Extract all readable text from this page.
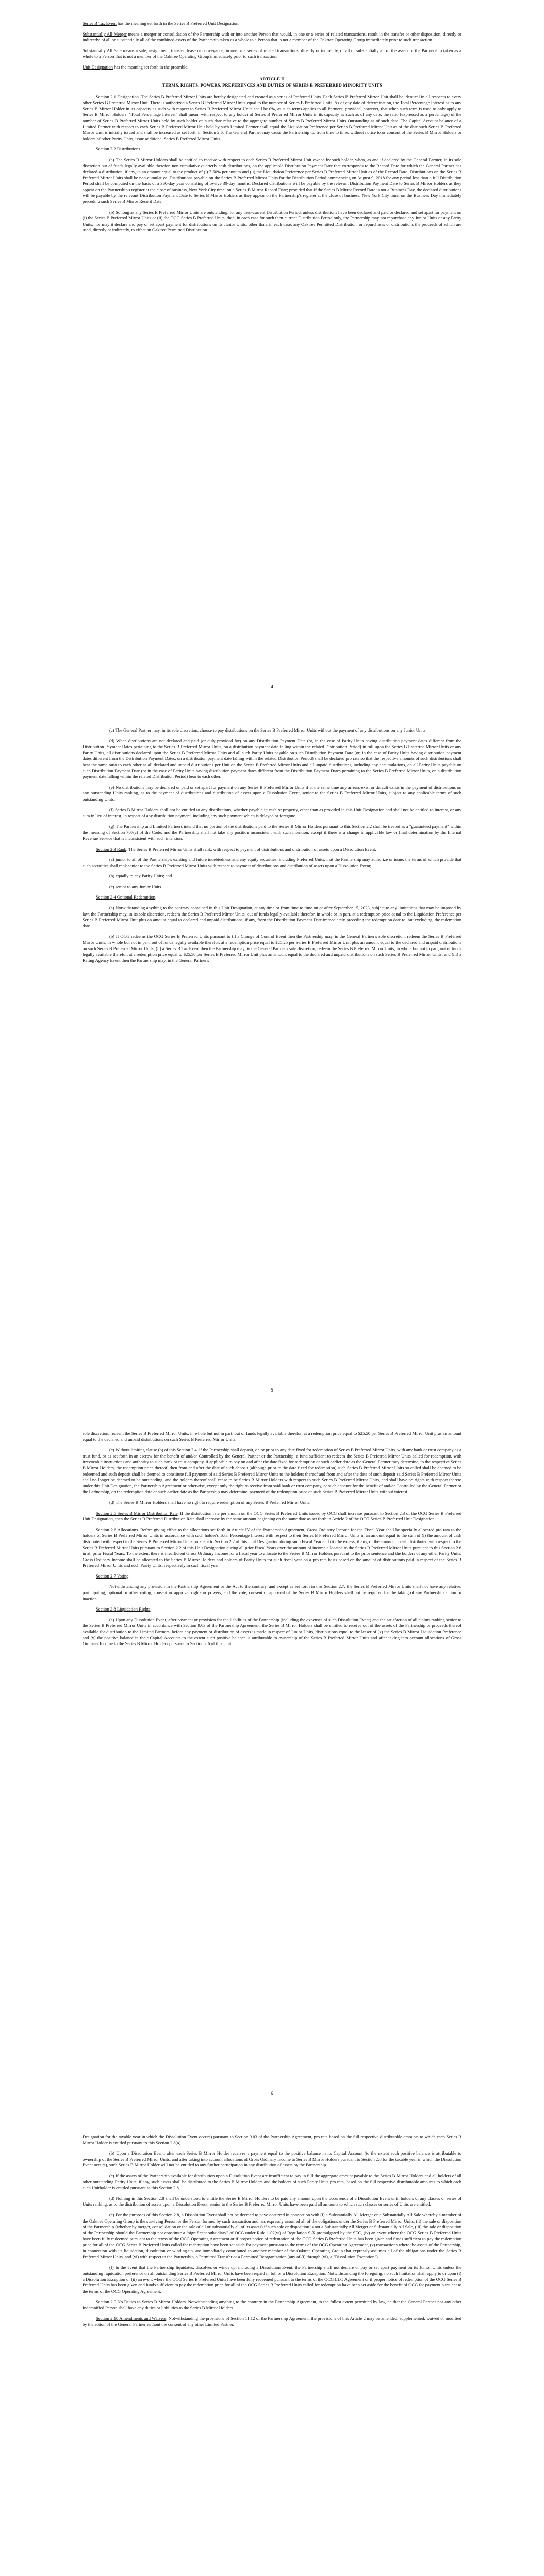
Series B Tax Event has the meaning set forth in the Series B Preferred Unit Designation.

Substantially All Merger means a merger or consolidation of the Partnership with or into another Person that would, in one or a series of related transactions, result in the transfer or other disposition, directly or indirectly, of all or substantially all of the combined assets of the Partnership taken as a whole to a Person that is not a member of the Oaktree Operating Group immediately prior to such transaction.

Substantially All Sale means a sale, assignment, transfer, lease or conveyance, in one or a series of related transactions, directly or indirectly, of all or substantially all of the assets of the Partnership taken as a whole to a Person that is not a member of the Oaktree Operating Group immediately prior to such transaction.

Unit Designation has the meaning set forth in the preamble.

ARTICLE II
TERMS, RIGHTS, POWERS, PREFERENCES AND DUTIES OF SERIES B PREFERRED MINORITY UNITS

Section 2.1 Designation. The Series B Preferred Mirror Units are hereby designated and created as a series of Preferred Units. Each Series B Preferred Mirror Unit shall be identical in all respects to every other Series B Preferred Mirror Unit. There is authorized a Series B Preferred Mirror Units equal to the number of Series B Preferred Units. As of any date of determination, the Total Percentage Interest as to any Series B Mirror Holder in its capacity as such with respect to Series B Preferred Mirror Units shall be 0%, as such terms applies to all Partners; provided, however, that when such term is used to only apply to Series B Mirror Holders, "Total Percentage Interest" shall mean, with respect to any holder of Series B Preferred Mirror Units in its capacity as such as of any date, the ratio (expressed as a percentage) of the number of Series B Preferred Mirror Units held by such holder on such date relative to the aggregate number of Series B Preferred Mirror Units Outstanding as of such date. The Capital Account balance of a Limited Partner with respect to each Series B Preferred Mirror Unit held by such Limited Partner shall equal the Liquidation Preference per Series B Preferred Mirror Unit as of the date such Series B Preferred Mirror Unit is initially issued and shall be increased as set forth in Section 2.6. The General Partner may cause the Partnership to, from time to time, without notice to or consent of the Series B Mirror Holders or holders of other Parity Units, issue additional Series B Preferred Mirror Units.

Section 2.2 Distributions.

(a) The Series B Mirror Holders shall be entitled to receive with respect to each Series B Preferred Mirror Unit owned by such holder, when, as and if declared by the General Partner, in its sole discretion out of funds legally available therefor, non-cumulative quarterly cash distributions, on the applicable Distribution Payment Date that corresponds to the Record Date for which the General Partner has declared a distribution, if any, in an amount equal to the product of (i) 7.50% per annum and (ii) the Liquidation Preference per Series B Preferred Mirror Unit as of the Record Date. Distributions on the Series B Preferred Mirror Units shall be non-cumulative. Distributions payable on the Series B Preferred Mirror Units for the Distribution Period commencing on August 9, 2018 for any period less than a full Distribution Period shall be computed on the basis of a 360-day year consisting of twelve 30-day months. Declared distributions will be payable by the relevant Distribution Payment Date to Series B Mirror Holders as they appear on the Partnership's register at the close of business, New York City time, on a Series B Mirror Record Date; provided that if the Series B Mirror Record Date is not a Business Day, the declared distributions will be payable by the relevant Distribution Payment Date to Series B Mirror Holders as they appear on the Partnership's register at the close of business, New York City time, on the Business Day immediately preceding such Series B Mirror Record Date.

(b) So long as any Series B Preferred Mirror Units are outstanding, for any then-current Distribution Period, unless distributions have been declared and paid or declared and set apart for payment on (i) the Series B Preferred Mirror Units or (ii) the OCG Series B Preferred Units, then, in each case for such then-current Distribution Period only, the Partnership may not repurchase any Junior Units or any Parity Units, nor may it declare and pay or set apart payment for distributions on its Junior Units, other than, in each case, any Oaktree Permitted Distribution, or repurchases or distributions the proceeds of which are used, directly or indirectly, to effect an Oaktree Permitted Distribution.

4

(c) The General Partner may, in its sole discretion, choose to pay distributions on the Series B Preferred Mirror Units without the payment of any distributions on any Junior Units.

(d) When distributions are not declared and paid (or duly provided for) on any Distribution Payment Date (or, in the case of Parity Units having distribution payment dates different from the Distribution Payment Dates pertaining to the Series B Preferred Mirror Units, on a distribution payment date falling within the related Distribution Period) in full upon the Series B Preferred Mirror Units or any Parity Units, all distributions declared upon the Series B Preferred Mirror Units and all such Parity Units payable on such Distribution Payment Date (or, in the case of Parity Units having distribution payment dates different from the Distribution Payment Dates, on a distribution payment date falling within the related Distribution Period) shall be declared pro rata so that the respective amounts of such distributions shall bear the same ratio to each other as all declared and unpaid distributions per Unit on the Series B Preferred Mirror Units and all unpaid distributions, including any accumulations, on all Parity Units payable on such Distribution Payment Date (or in the case of Parity Units having distribution payment dates different from the Distribution Payment Dates pertaining to the Series B Preferred Mirror Units, on a distribution payment date falling within the related Distribution Period) bear to each other.

(e) No distributions may be declared or paid or set apart for payment on any Series B Preferred Mirror Units if at the same time any arrears exist or default exists in the payment of distributions on any outstanding Units ranking, as to the payment of distributions and distribution of assets upon a Dissolution Event, senior to the Series B Preferred Mirror Units, subject to any applicable terms of such outstanding Units.

(f) Series B Mirror Holders shall not be entitled to any distributions, whether payable in cash or property, other than as provided in this Unit Designation and shall not be entitled to interest, or any sum in lieu of interest, in respect of any distribution payment, including any such payment which is delayed or foregone.

(g) The Partnership and Limited Partners intend that no portion of the distributions paid to the Series B Mirror Holders pursuant to this Section 2.2 shall be treated as a "guaranteed payment" within the meaning of Section 707(c) of the Code, and the Partnership shall not take any position inconsistent with such intention, except if there is a change in applicable law or final determination by the Internal Revenue Service that is inconsistent with such intention.

Section 2.3 Rank. The Series B Preferred Mirror Units shall rank, with respect to payment of distributions and distribution of assets upon a Dissolution Event:

(a) junior to all of the Partnership's existing and future indebtedness and any equity securities, including Preferred Units, that the Partnership may authorize or issue, the terms of which provide that such securities shall rank senior to the Series B Preferred Mirror Units with respect to payment of distributions and distribution of assets upon a Dissolution Event;

(b) equally to any Parity Units; and

(c) senior to any Junior Units.

Section 2.4 Optional Redemption.

(a) Notwithstanding anything to the contrary contained in this Unit Designation, at any time or from time to time on or after September 15, 2023, subject to any limitations that may be imposed by law, the Partnership may, in its sole discretion, redeem the Series B Preferred Mirror Units, out of funds legally available therefor, in whole or in part, at a redemption price equal to the Liquidation Preference per Series B Preferred Mirror Unit plus an amount equal to declared and unpaid distributions, if any, from the Distribution Payment Date immediately preceding the redemption date to, but excluding, the redemption date.

(b) If OCG redeems the OCG Series B Preferred Units pursuant to (i) a Change of Control Event then the Partnership may, in the General Partner's sole discretion, redeem the Series B Preferred Mirror Units, in whole but not in part, out of funds legally available therefor, at a redemption price equal to $25.25 per Series B Preferred Mirror Unit plus an amount equal to the declared and unpaid distributions on such Series B Preferred Mirror Units; (ii) a Series B Tax Event then the Partnership may, in the General Partner's sole discretion, redeem the Series B Preferred Mirror Units, in whole but not in part, out of funds legally available therefor, at a redemption price equal to $25.50 per Series B Preferred Mirror Unit plus an amount equal to the declared and unpaid distributions on such Series B Preferred Mirror Units; and (iii) a Rating Agency Event then the Partnership may, in the General Partner's

5

sole discretion, redeem the Series B Preferred Mirror Units, in whole but not in part, out of funds legally available therefor, at a redemption price equal to $25.50 per Series B Preferred Mirror Unit plus an amount equal to the declared and unpaid distributions on such Series B Preferred Mirror Units.

(c) Without limiting clause (b) of this Section 2.4, if the Partnership shall deposit, on or prior to any date fixed for redemption of Series B Preferred Mirror Units, with any bank or trust company as a trust fund, or as set forth in an escrow for the benefit of and/or Controlled by the General Partner or the Partnership, a fund sufficient to redeem the Series B Preferred Mirror Units called for redemption, with irrevocable instructions and authority to such bank or trust company, if applicable to pay on and after the date fixed for redemption or such earlier date as the General Partner may determine, to the respective Series B Mirror Holders, the redemption price thereof, then from and after the date of such deposit (although prior to the date fixed for redemption) such Series B Preferred Mirror Units so called shall be deemed to be redeemed and such deposit shall be deemed to constitute full payment of said Series B Preferred Mirror Units to the holders thereof and from and after the date of such deposit said Series B Preferred Mirror Units shall no longer be deemed to be outstanding, and the holders thereof shall cease to be Series B Mirror Holders with respect to such Series B Preferred Mirror Units, and shall have no rights with respect thereto under this Unit Designation, the Partnership Agreement or otherwise, except only the right to receive from said bank or trust company, or such account for the benefit of and/or Controlled by the General Partner or the Partnership, on the redemption date or such earlier date as the Partnership may determine, payment of the redemption price of such Series B Preferred Mirror Units without interest.

(d) The Series B Mirror Holders shall have no right to require redemption of any Series B Preferred Mirror Units.

Section 2.5 Series B Mirror Distribution Rate. If the distribution rate per annum on the OCG Series B Preferred Units issued by OCG shall increase pursuant to Section 2.3 of the OCG Series B Preferred Unit Designation, then the Series B Preferred Distribution Rate shall increase by the same amount beginning on the same date as set forth in Article 2 of the OCG Series B Preferred Unit Designation.

Section 2.6 Allocations. Before giving effect to the allocations set forth in Article IV of the Partnership Agreement, Gross Ordinary Income for the Fiscal Year shall be specially allocated pro rata to the holders of Series B Preferred Mirror Units in accordance with such holder's Total Percentage Interest with respect to their Series B Preferred Mirror Units in an amount equal to the sum of (i) the amount of cash distributed with respect to the Series B Preferred Mirror Units pursuant to Section 2.2 of this Unit Designation during such Fiscal Year and (ii) the excess, if any, of the amount of cash distributed with respect to the Series B Preferred Mirror Units pursuant to Section 2.2 of this Unit Designation during all prior Fiscal Years over the amount of income allocated to the Series B Preferred Mirror Units pursuant to this Section 2.6 in all prior Fiscal Years. To the extent there is insufficient Gross Ordinary Income for a fiscal year to allocate to the Series B Mirror Holders pursuant to the prior sentence and the holders of any other Parity Units, Gross Ordinary Income shall be allocated to the Series B Mirror Holders and holders of Parity Units for such fiscal year on a pro rata basis based on the amount of distributions paid in respect of the Series B Preferred Mirror Units and such Parity Units, respectively in such fiscal year.

Section 2.7 Voting.

Notwithstanding any provision in the Partnership Agreement or the Act to the contrary, and except as set forth in this Section 2.7, the Series B Preferred Mirror Units shall not have any relative, participating, optional or other voting, consent or approval rights or powers, and the vote, consent or approval of the Series B Mirror Holders shall not be required for the taking of any Partnership action or inaction.

Section 2.8 Liquidation Rights.

(a) Upon any Dissolution Event, after payment or provision for the liabilities of the Partnership (including the expenses of such Dissolution Event) and the satisfaction of all claims ranking senior to the Series B Preferred Mirror Units in accordance with Section 9.03 of the Partnership Agreement, the Series B Mirror Holders shall be entitled to receive out of the assets of the Partnership or proceeds thereof available for distribution to the Limited Partners, before any payment or distribution of assets is made in respect of Junior Units, distributions equal to the lesser of (x) the Series B Mirror Liquidation Preference and (y) the positive balance in their Capital Accounts to the extent such positive balance is attributable to ownership of the Series B Preferred Mirror Units and after taking into account allocations of Gross Ordinary Income to the Series B Mirror Holders pursuant to Section 2.6 of this Unit

6

Designation for the taxable year in which the Dissolution Event occurs) pursuant to Section 9.03 of the Partnership Agreement, pro rata based on the full respective distributable amounts to which each Series B Mirror Holder is entitled pursuant to this Section 2.8(a).

(b) Upon a Dissolution Event, after each Series B Mirror Holder receives a payment equal to the positive balance in its Capital Account (to the extent such positive balance is attributable to ownership of the Series B Preferred Mirror Units, and after taking into account allocations of Gross Ordinary Income to Series B Mirror Holders pursuant to Section 2.6 for the taxable year in which the Dissolution Event occurs), such Series B Mirror Holder will not be entitled to any further participation in any distribution of assets by the Partnership.

(c) If the assets of the Partnership available for distribution upon a Dissolution Event are insufficient to pay in full the aggregate amount payable to the Series B Mirror Holders and all holders of all other outstanding Parity Units, if any, such assets shall be distributed to the Series B Mirror Holders and the holders of such Parity Units pro rata, based on the full respective distributable amounts to which each such Unitholder is entitled pursuant to this Section 2.8.

(d) Nothing in this Section 2.8 shall be understood to entitle the Series B Mirror Holders to be paid any amount upon the occurrence of a Dissolution Event until holders of any classes or series of Units ranking, as to the distribution of assets upon a Dissolution Event, senior to the Series B Preferred Mirror Units have been paid all amounts to which such classes or series of Units are entitled.

(e) For the purposes of this Section 2.8, a Dissolution Event shall not be deemed to have occurred in connection with (i) a Substantially All Merger or a Substantially All Sale whereby a member of the Oaktree Operating Group is the surviving Person or the Person formed by such transaction and has expressly assumed all of the obligations under the Series B Preferred Mirror Units, (ii) the sale or disposition of the Partnership (whether by merger, consolidation or the sale of all or substantially all of its assets) if such sale or disposition is not a Substantially All Merger or Substantially All Sale, (iii) the sale or disposition of the Partnership should the Partnership not constitute a "significant subsidiary" of OCG under Rule 1-02(w) of Regulation S-X promulgated by the SEC, (iv) an event where the OCG Series B Preferred Units have been fully redeemed pursuant to the terms of the OCG Operating Agreement or if proper notice of redemption of the OCG Series B Preferred Units has been given and funds sufficient to pay the redemption price for all of the OCG Series B Preferred Units called for redemption have been set aside for payment pursuant to the terms of the OCG Operating Agreement, (v) transactions where the assets of the Partnership, in connection with its liquidation, dissolution or winding-up, are immediately contributed to another member of the Oaktree Operating Group that expressly assumes all of the obligations under the Series B Preferred Mirror Units, and (vi) with respect to the Partnership, a Permitted Transfer or a Permitted Reorganization (any of (i) through (vi), a "Dissolution Exception").

(f) In the event that the Partnership liquidates, dissolves or winds up, including a Dissolution Event, the Partnership shall not declare or pay or set apart payment on its Junior Units unless the outstanding liquidation preference on all outstanding Series B Preferred Mirror Units have been repaid in full or a Dissolution Exception. Notwithstanding the foregoing, no such limitation shall apply to or upon (i) a Dissolution Exception or (ii) an event where the OCG Series B Preferred Units have been fully redeemed pursuant to the terms of the OCG LLC Agreement or if proper notice of redemption of the OCG Series B Preferred Units has been given and funds sufficient to pay the redemption price for all of the OCG Series B Preferred Units called for redemption have been set aside for the benefit of OCG for payment pursuant to the terms of the OCG Operating Agreement.

Section 2.9 No Duties to Series B Mirror Holders. Notwithstanding anything to the contrary in the Partnership Agreement, to the fullest extent permitted by law, neither the General Partner nor any other Indemnified Person shall have any duties or liabilities to the Series B Mirror Holders.

Section 2.10 Amendments and Waivers. Notwithstanding the provisions of Section 11.12 of the Partnership Agreement, the provisions of this Article 2 may be amended, supplemented, waived or modified by the action of the General Partner without the consent of any other Limited Partner.
